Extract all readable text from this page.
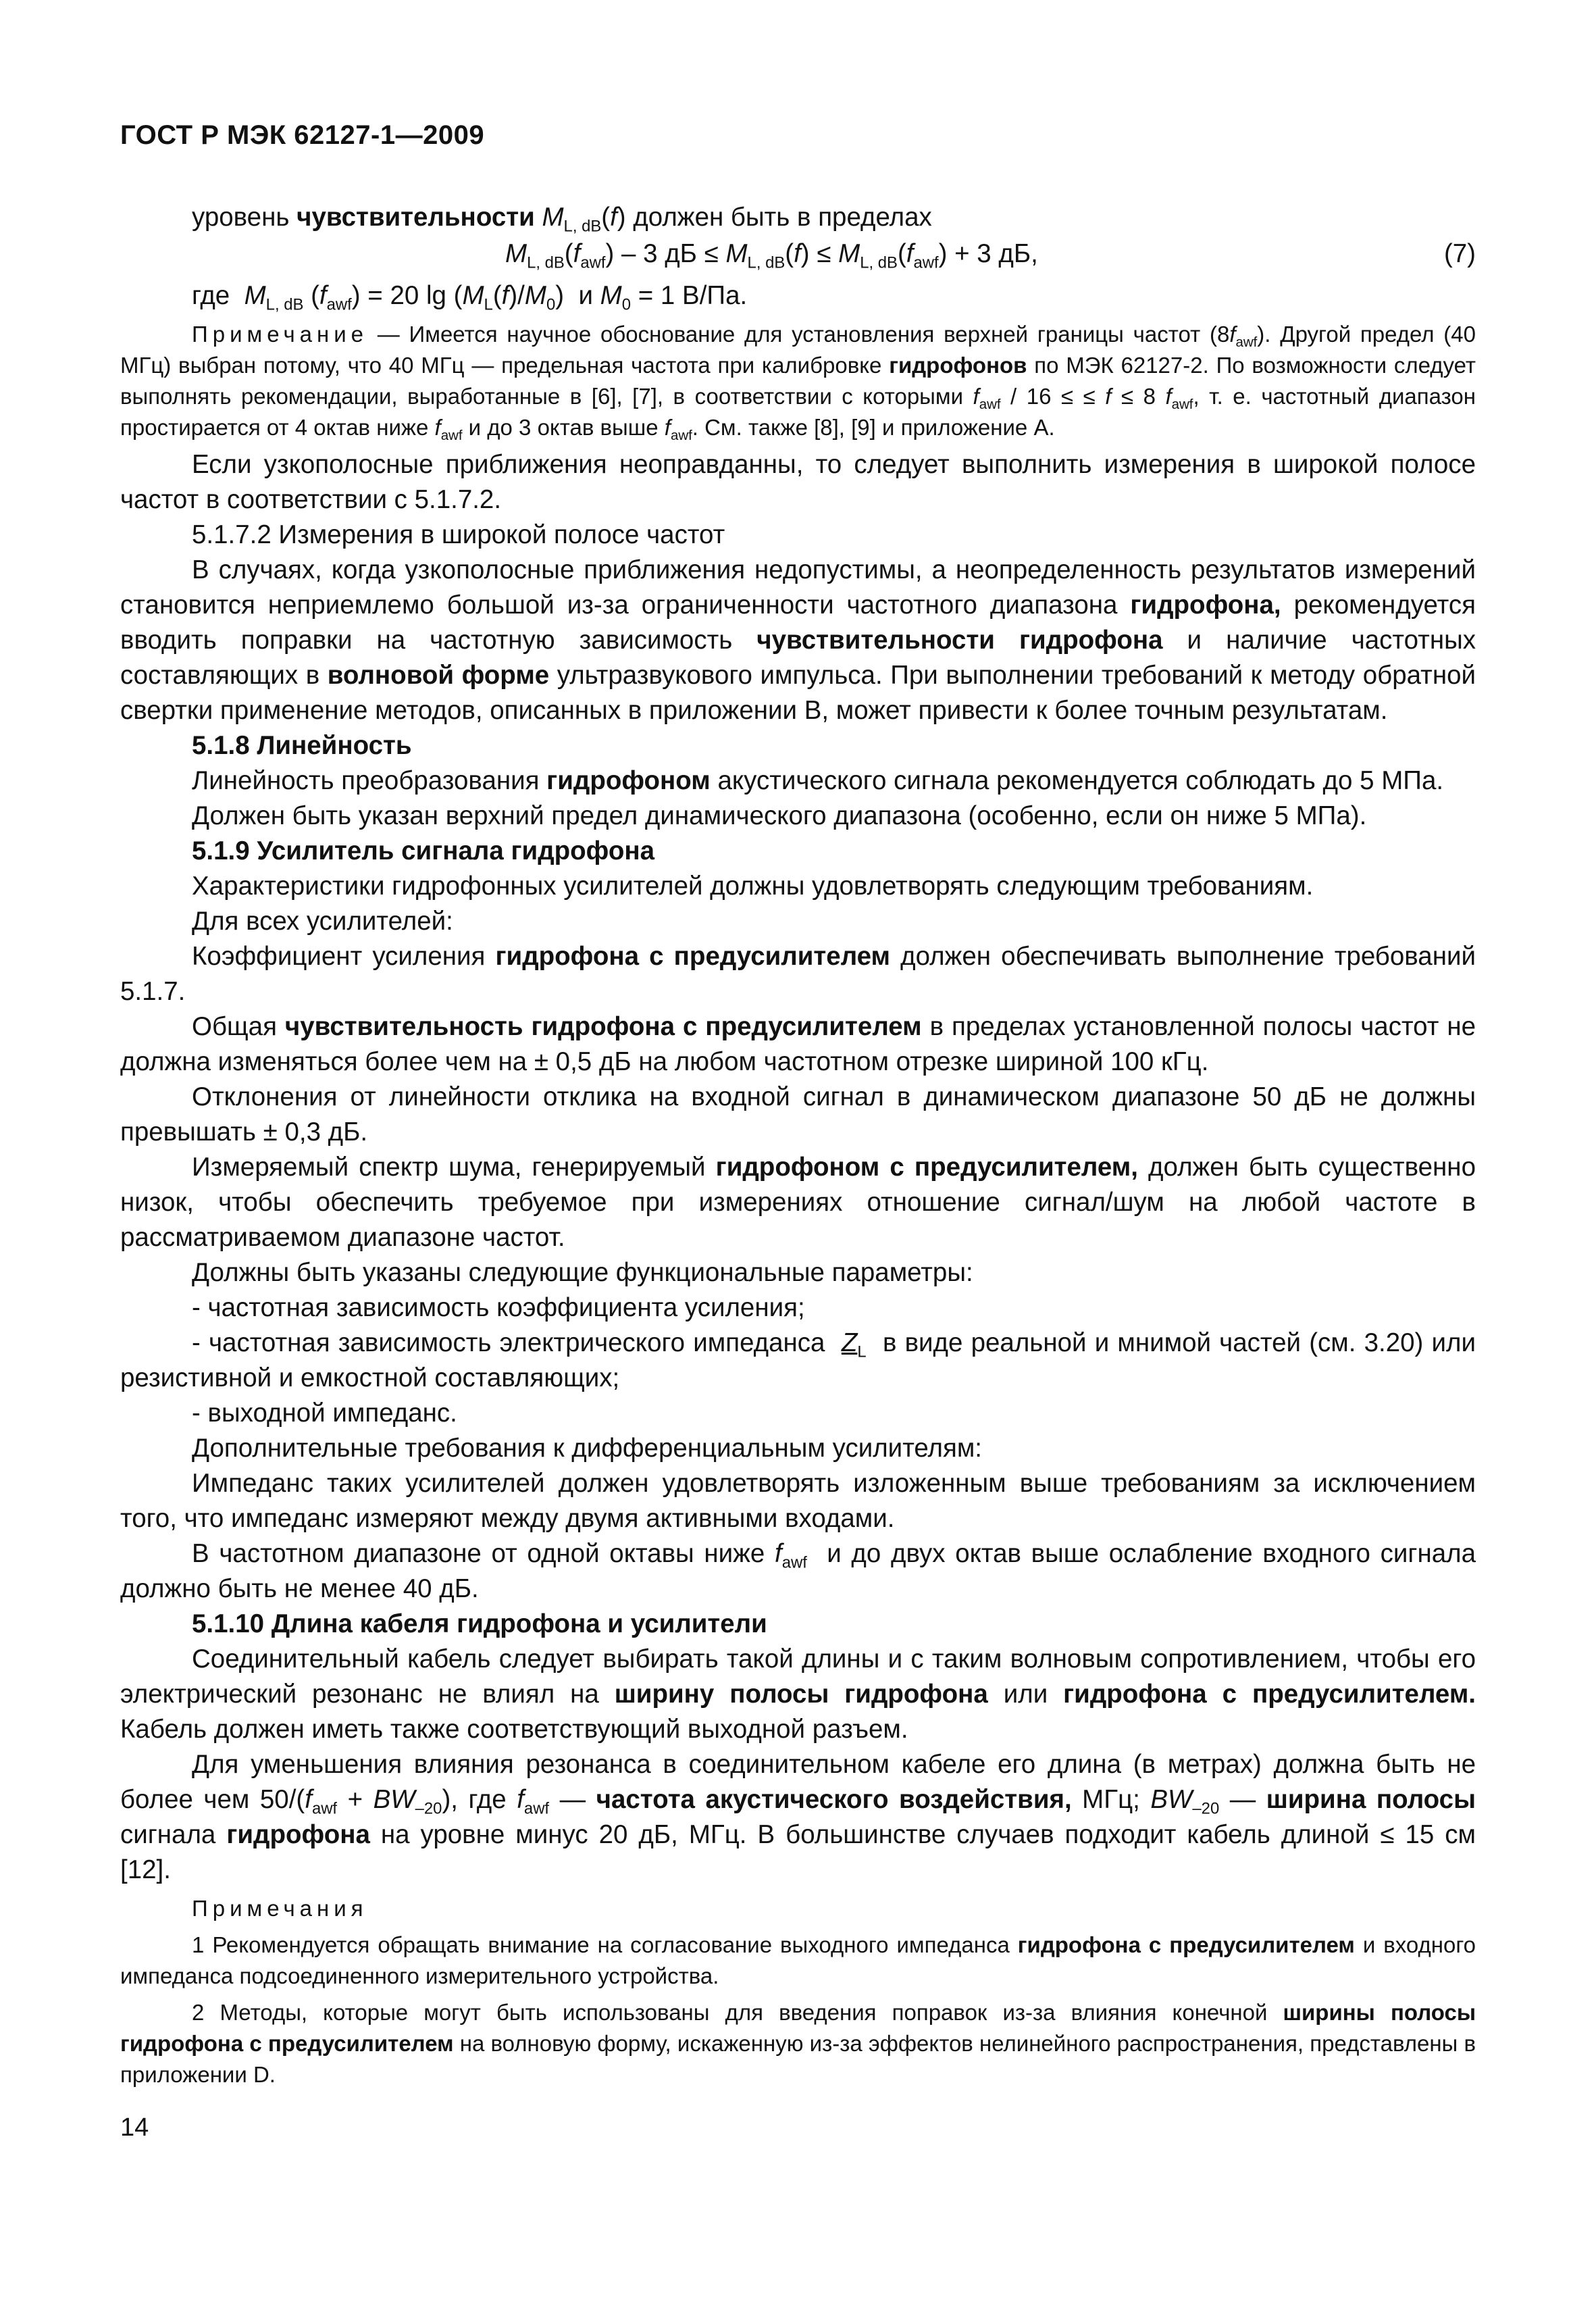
ГОСТ Р МЭК 62127-1—2009

уровень чувствительности $M_{L, dB}(f)$ должен быть в пределах

$M_{L, dB}(f_{awf}) - 3$ дБ ≤ $M_{L, dB}(f) \le M_{L, dB}(f_{awf}) + 3$ дБ,	(7)

где  $M_{L, dB}$ $(f_{awf}) = 20$ $\lg (M_L(f)/M_0)$  и $M_0 = 1$ В/Па.

Примечание — Имеется научное обоснование для установления верхней границы частот $(8f_{awf})$. Другой предел (40 МГц) выбран потому, что 40 МГц — предельная частота при калибровке гидрофонов по МЭК 62127-2. По возможности следует выполнять рекомендации, выработанные в [6], [7], в соответствии с которыми $f_{awf} / 16$ ≤ ≤ f ≤ 8 $f_{awf}$, т. е. частотный диапазон простирается от 4 октав ниже $f_{awf}$ и до 3 октав выше $f_{awf}$. См. также [8], [9] и приложение А.

Если узкополосные приближения неоправданны, то следует выполнить измерения в широкой полосе частот в соответствии с 5.1.7.2.

5.1.7.2 Измерения в широкой полосе частот

В случаях, когда узкополосные приближения недопустимы, а неопределенность результатов измерений становится неприемлемо большой из-за ограниченности частотного диапазона гидрофона, рекомендуется вводить поправки на частотную зависимость чувствительности гидрофона и наличие частотных составляющих в волновой форме ультразвукового импульса. При выполнении требований к методу обратной свертки применение методов, описанных в приложении В, может привести к более точным результатам.

5.1.8 Линейность

Линейность преобразования гидрофоном акустического сигнала рекомендуется соблюдать до 5 МПа.

Должен быть указан верхний предел динамического диапазона (особенно, если он ниже 5 МПа).

5.1.9 Усилитель сигнала гидрофона

Характеристики гидрофонных усилителей должны удовлетворять следующим требованиям.

Для всех усилителей:

Коэффициент усиления гидрофона с предусилителем должен обеспечивать выполнение требований 5.1.7.

Общая чувствительность гидрофона с предусилителем в пределах установленной полосы частот не должна изменяться более чем на ± 0,5 дБ на любом частотном отрезке шириной 100 кГц.

Отклонения от линейности отклика на входной сигнал в динамическом диапазоне 50 дБ не должны превышать ± 0,3 дБ.

Измеряемый спектр шума, генерируемый гидрофоном с предусилителем, должен быть существенно низок, чтобы обеспечить требуемое при измерениях отношение сигнал/шум на любой частоте в рассматриваемом диапазоне частот.

Должны быть указаны следующие функциональные параметры:

- частотная зависимость коэффициента усиления;

- частотная зависимость электрического импеданса  $Z_L$  в виде реальной и мнимой частей (см. 3.20) или резистивной и емкостной составляющих;

- выходной импеданс.

Дополнительные требования к дифференциальным усилителям:

Импеданс таких усилителей должен удовлетворять изложенным выше требованиям за исключением того, что импеданс измеряют между двумя активными входами.

В частотном диапазоне от одной октавы ниже $f_{awf}$  и до двух октав выше ослабление входного сигнала должно быть не менее 40 дБ.

5.1.10 Длина кабеля гидрофона и усилители

Соединительный кабель следует выбирать такой длины и с таким волновым сопротивлением, чтобы его электрический резонанс не влиял на ширину полосы гидрофона или гидрофона с предусилителем. Кабель должен иметь также соответствующий выходной разъем.

Для уменьшения влияния резонанса в соединительном кабеле его длина (в метрах) должна быть не более чем $50/(f_{awf} + BW_{-20})$, где $f_{awf}$ — частота акустического воздействия, МГц; $BW_{-20}$ — ширина полосы сигнала гидрофона на уровне минус 20 дБ, МГц. В большинстве случаев подходит кабель длиной ≤ 15 см [12].

Примечания

1 Рекомендуется обращать внимание на согласование выходного импеданса гидрофона с предусилителем и входного импеданса подсоединенного измерительного устройства.

2 Методы, которые могут быть использованы для введения поправок из-за влияния конечной ширины полосы гидрофона с предусилителем на волновую форму, искаженную из-за эффектов нелинейного распространения, представлены в приложении D.

14
